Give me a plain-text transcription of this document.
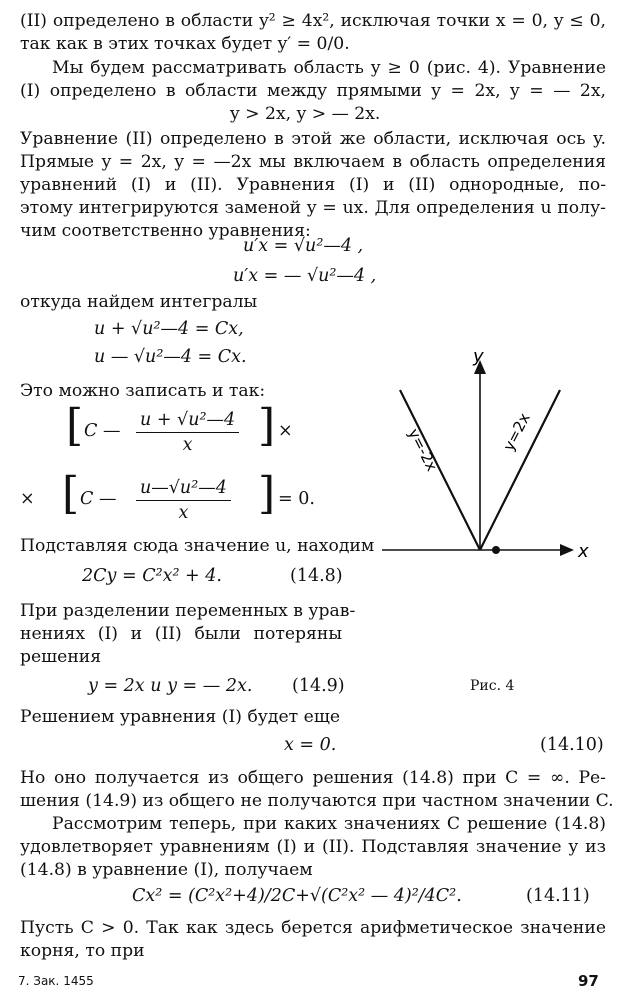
(II) определено в области y² ≥ 4x², исключая точки x = 0, y ≤ 0,
так как в этих точках будет y′ = 0/0.
Мы будем рассматривать область y ≥ 0 (рис. 4). Уравнение
(I) определено в области между прямыми y = 2x, y = — 2x,
y > 2x, y > — 2x.
Уравнение (II) определено в этой же области, исключая ось y.
Прямые y = 2x, y = —2x мы включаем в область определения
уравнений (I) и (II). Уравнения (I) и (II) однородные, по-
этому интегрируются заменой y = ux. Для определения u полу-
чим соответственно уравнения:
u′x = √u²—4 ,
u′x = — √u²—4 ,
откуда найдем интегралы
u + √u²—4 = Cx,
u — √u²—4 = Cx.
Это можно записать и так:
[ C — $\frac{\text{u + √u²—4}}{x}$ ] ×
× [ C — $\frac{\text{u—√u²—4}}{x}$ ] = 0.
Подставляя сюда значение u, находим
2Cy = C²x² + 4.	(14.8)
При разделении переменных в урав-
нениях (I) и (II) были потеряны
решения
y = 2x и y = — 2x. (14.9)
Решением уравнения (I) будет еще
x = 0.	(14.10)
y
x
y=-2x	y=2x
Рис. 4
Но оно получается из общего решения (14.8) при C = ∞. Ре-
шения (14.9) из общего не получаются при частном значении C.
Рассмотрим теперь, при каких значениях C решение (14.8)
удовлетворяет уравнениям (I) и (II). Подставляя значение y из
(14.8) в уравнение (I), получаем
Cx² = (C²x²+4)/2C+√(C²x² — 4)²/4C².	(14.11)
Пусть C > 0. Так как здесь берется арифметическое значение
корня, то при
7. Зак. 1455	97
